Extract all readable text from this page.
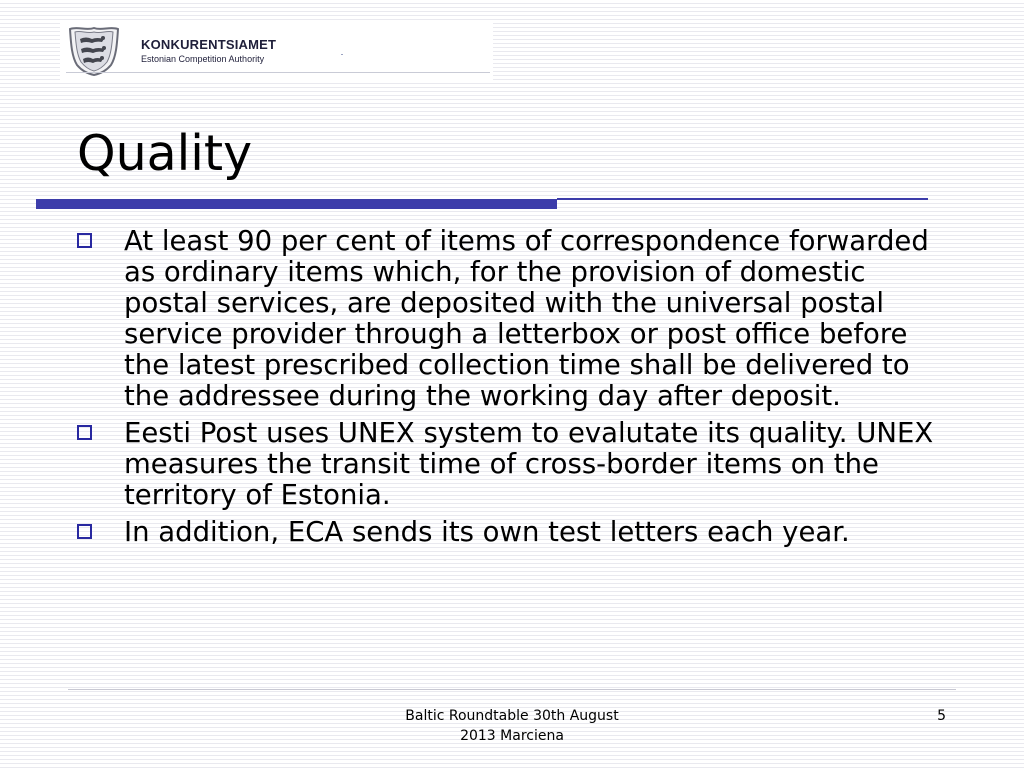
KONKURENTSIAMET
Estonian Competition Authority
Quality
At least 90 per cent of items of correspondence forwarded as ordinary items which, for the provision of domestic postal services, are deposited with the universal postal service provider through a letterbox or post office before the latest prescribed collection time shall be delivered to the addressee during the working day after deposit.
Eesti Post uses UNEX system to evalutate its quality. UNEX measures the transit time of cross-border items on the territory of Estonia.
In addition, ECA sends its own test letters each year.
Baltic Roundtable 30th August
2013 Marciena
5
